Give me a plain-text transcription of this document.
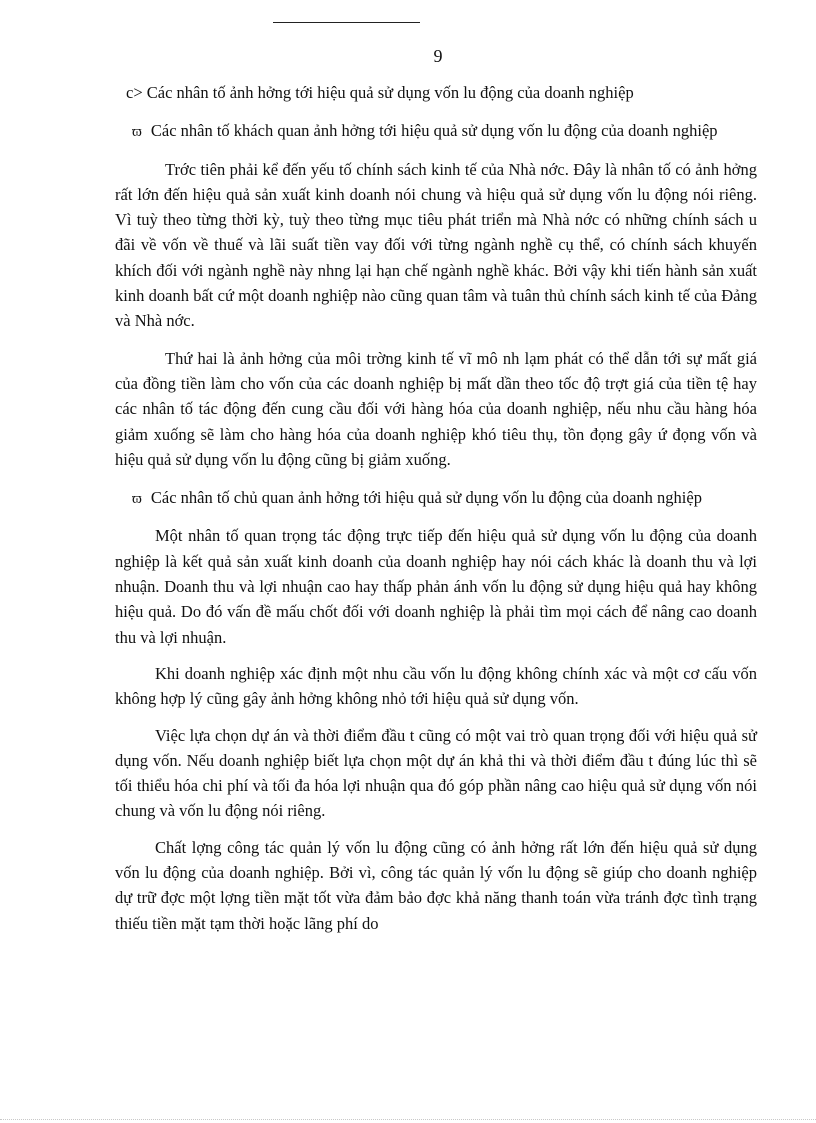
9

c> Các nhân tố ảnh hởng tới hiệu quả sử dụng vốn lu động của doanh nghiệp

ϖ Các nhân tố khách quan ảnh hởng tới hiệu quả sử dụng vốn lu động của doanh nghiệp

Trớc tiên phải kể đến yếu tố chính sách kinh tế của Nhà nớc. Đây là nhân tố có ảnh hởng rất lớn đến hiệu quả sản xuất kinh doanh nói chung và hiệu quả sử dụng vốn lu động nói riêng. Vì tuỳ theo từng thời kỳ, tuỳ theo từng mục tiêu phát triển mà Nhà nớc có những chính sách u đãi về vốn về thuế và lãi suất tiền vay đối với từng ngành nghề cụ thể, có chính sách khuyến khích đối với ngành nghề này nhng lại hạn chế ngành nghề khác. Bởi vậy khi tiến hành sản xuất kinh doanh bất cứ một doanh nghiệp nào cũng quan tâm và tuân thủ chính sách kinh tế của Đảng và Nhà nớc.

Thứ hai là ảnh hởng của môi trờng kinh tế vĩ mô nh lạm phát có thể dẫn tới sự mất giá của đồng tiền làm cho vốn của các doanh nghiệp bị mất dần theo tốc độ trợt giá của tiền tệ hay các nhân tố tác động đến cung cầu đối với hàng hóa của doanh nghiệp, nếu nhu cầu hàng hóa giảm xuống sẽ làm cho hàng hóa của doanh nghiệp khó tiêu thụ, tồn đọng gây ứ đọng vốn và hiệu quả sử dụng vốn lu động cũng bị giảm xuống.

ϖ Các nhân tố chủ quan ảnh hởng tới hiệu quả sử dụng vốn lu động của doanh nghiệp

Một nhân tố quan trọng tác động trực tiếp đến hiệu quả sử dụng vốn lu động của doanh nghiệp là kết quả sản xuất kinh doanh của doanh nghiệp hay nói cách khác là doanh thu và lợi nhuận. Doanh thu và lợi nhuận cao hay thấp phản ánh vốn lu động sử dụng hiệu quả hay không hiệu quả. Do đó vấn đề mấu chốt đối với doanh nghiệp là phải tìm mọi cách để nâng cao doanh thu và lợi nhuận.

Khi doanh nghiệp xác định một nhu cầu vốn lu động không chính xác và một cơ cấu vốn không hợp lý cũng gây ảnh hởng không nhỏ tới hiệu quả sử dụng vốn.

Việc lựa chọn dự án và thời điểm đầu t cũng có một vai trò quan trọng đối với hiệu quả sử dụng vốn. Nếu doanh nghiệp biết lựa chọn một dự án khả thi và thời điểm đầu t đúng lúc thì sẽ tối thiểu hóa chi phí và tối đa hóa lợi nhuận qua đó góp phần nâng cao hiệu quả sử dụng vốn nói chung và vốn lu động nói riêng.

Chất lợng công tác quản lý vốn lu động cũng có ảnh hởng rất lớn đến hiệu quả sử dụng vốn lu động của doanh nghiệp. Bởi vì, công tác quản lý vốn lu động sẽ giúp cho doanh nghiệp dự trữ đợc một lợng tiền mặt tốt vừa đảm bảo đợc khả năng thanh toán vừa tránh đợc tình trạng thiếu tiền mặt tạm thời hoặc lãng phí do
